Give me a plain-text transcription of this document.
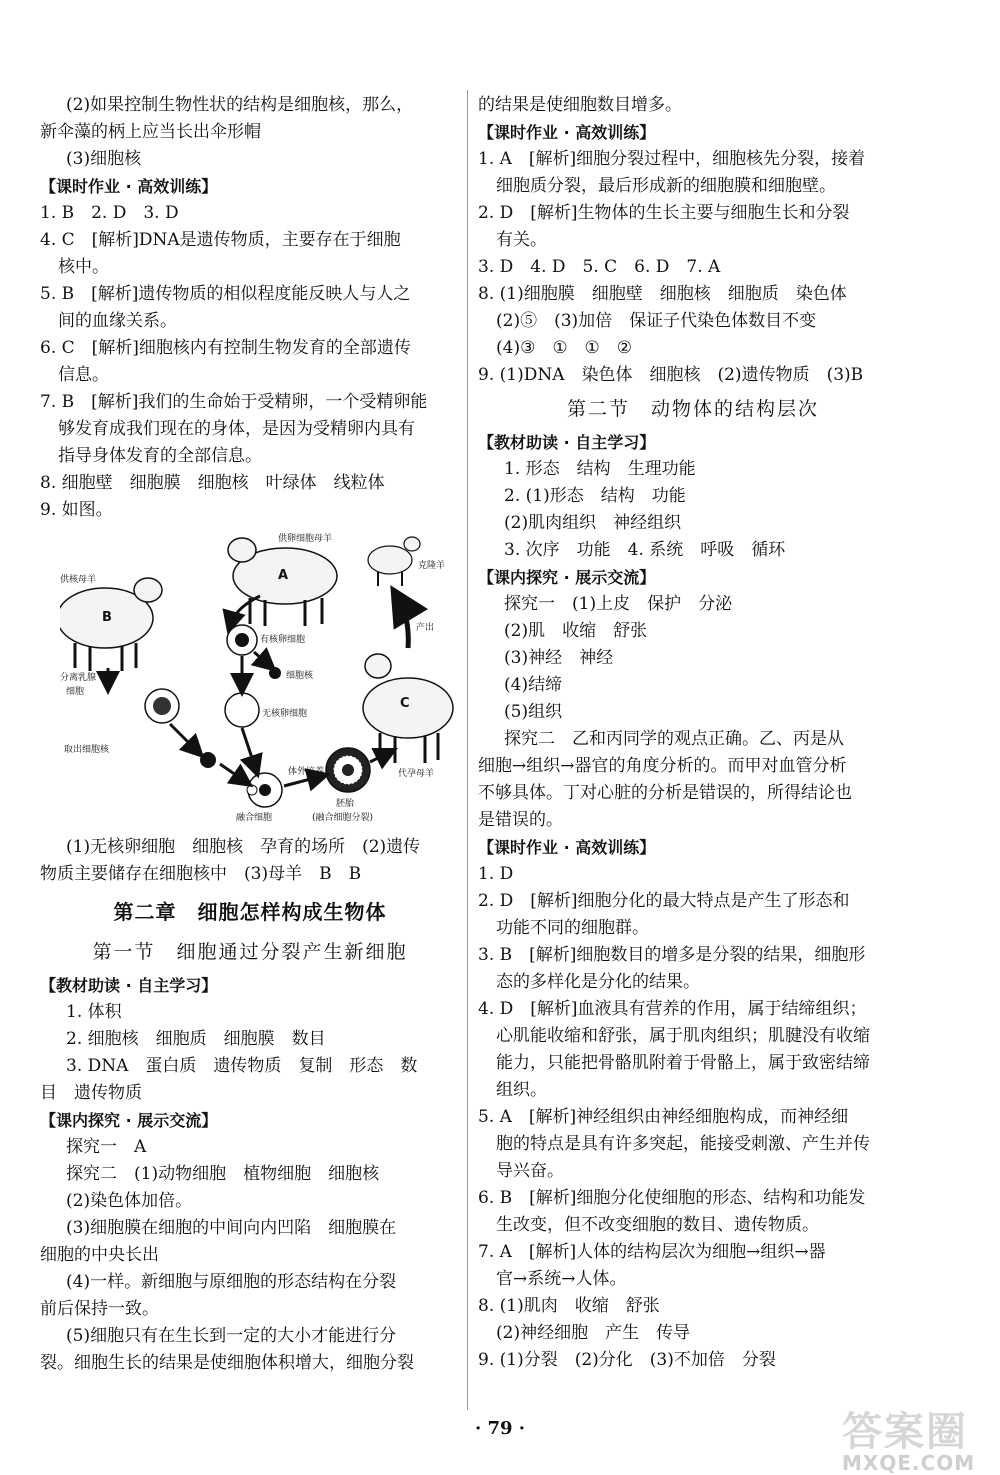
(2)如果控制生物性状的结构是细胞核，那么，
新伞藻的柄上应当长出伞形帽
(3)细胞核
【课时作业 · 高效训练】
1. B　2. D　3. D
4. C　[解析]DNA是遗传物质，主要存在于细胞
核中。
5. B　[解析]遗传物质的相似程度能反映人与人之
间的血缘关系。
6. C　[解析]细胞核内有控制生物发育的全部遗传
信息。
7. B　[解析]我们的生命始于受精卵，一个受精卵能
够发育成我们现在的身体，是因为受精卵内具有
指导身体发育的全部信息。
8. 细胞壁　细胞膜　细胞核　叶绿体　线粒体
9. 如图。
供卵细胞母羊
A
供核母羊
B
克隆羊
分离乳腺
细胞
有核卵细胞
细胞核
无核卵细胞
取出细胞核
体外培养
产出
C
代孕母羊
胚胎
(融合细胞分裂)
融合细胞
(1)无核卵细胞　细胞核　孕育的场所　(2)遗传
物质主要储存在细胞核中　(3)母羊　B　B
第二章　细胞怎样构成生物体
第一节　细胞通过分裂产生新细胞
【教材助读 · 自主学习】
1. 体积
2. 细胞核　细胞质　细胞膜　数目
3. DNA　蛋白质　遗传物质　复制　形态　数
目　遗传物质
【课内探究 · 展示交流】
探究一　A
探究二　(1)动物细胞　植物细胞　细胞核
(2)染色体加倍。
(3)细胞膜在细胞的中间向内凹陷　细胞膜在
细胞的中央长出
(4)一样。新细胞与原细胞的形态结构在分裂
前后保持一致。
(5)细胞只有在生长到一定的大小才能进行分
裂。细胞生长的结果是使细胞体积增大，细胞分裂
的结果是使细胞数目增多。
【课时作业 · 高效训练】
1. A　[解析]细胞分裂过程中，细胞核先分裂，接着
细胞质分裂，最后形成新的细胞膜和细胞壁。
2. D　[解析]生物体的生长主要与细胞生长和分裂
有关。
3. D　4. D　5. C　6. D　7. A
8. (1)细胞膜　细胞壁　细胞核　细胞质　染色体
(2)⑤　(3)加倍　保证子代染色体数目不变
(4)③　①　①　②
9. (1)DNA　染色体　细胞核　(2)遗传物质　(3)B
第二节　动物体的结构层次
【教材助读 · 自主学习】
1. 形态　结构　生理功能
2. (1)形态　结构　功能
(2)肌肉组织　神经组织
3. 次序　功能　4. 系统　呼吸　循环
【课内探究 · 展示交流】
探究一　(1)上皮　保护　分泌
(2)肌　收缩　舒张
(3)神经　神经
(4)结缔
(5)组织
探究二　乙和丙同学的观点正确。乙、丙是从
细胞→组织→器官的角度分析的。而甲对血管分析
不够具体。丁对心脏的分析是错误的，所得结论也
是错误的。
【课时作业 · 高效训练】
1. D
2. D　[解析]细胞分化的最大特点是产生了形态和
功能不同的细胞群。
3. B　[解析]细胞数目的增多是分裂的结果，细胞形
态的多样化是分化的结果。
4. D　[解析]血液具有营养的作用，属于结缔组织；
心肌能收缩和舒张，属于肌肉组织；肌腱没有收缩
能力，只能把骨骼肌附着于骨骼上，属于致密结缔
组织。
5. A　[解析]神经组织由神经细胞构成，而神经细
胞的特点是具有许多突起，能接受刺激、产生并传
导兴奋。
6. B　[解析]细胞分化使细胞的形态、结构和功能发
生改变，但不改变细胞的数目、遗传物质。
7. A　[解析]人体的结构层次为细胞→组织→器
官→系统→人体。
8. (1)肌肉　收缩　舒张
(2)神经细胞　产生　传导
9. (1)分裂　(2)分化　(3)不加倍　分裂
· 79 ·	答案圈
MXQE.COM
